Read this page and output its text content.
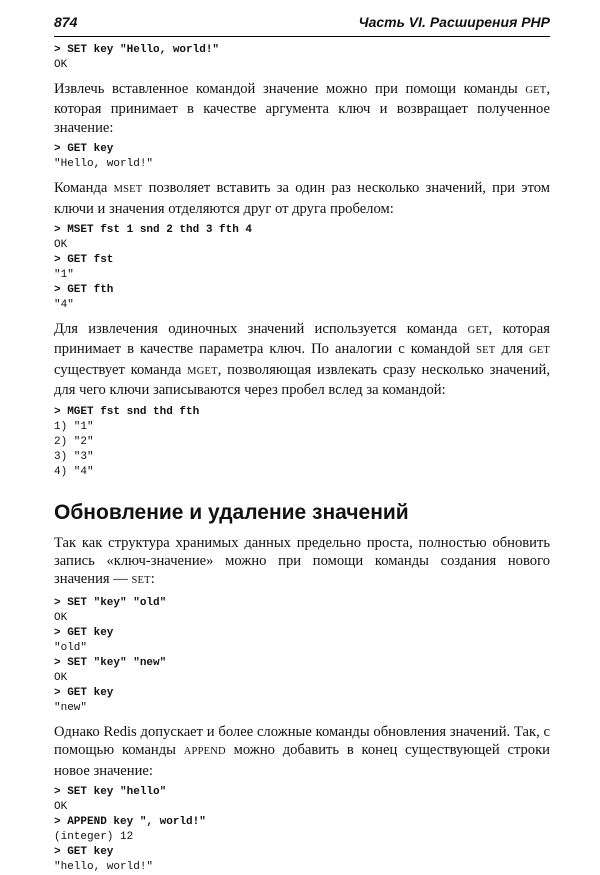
874	Часть VI. Расширения PHP
> SET key "Hello, world!"
OK

Извлечь вставленное командой значение можно при помощи команды GET, которая принимает в качестве аргумента ключ и возвращает полученное значение:

> GET key
"Hello, world!"

Команда MSET позволяет вставить за один раз несколько значений, при этом ключи и значения отделяются друг от друга пробелом:

> MSET fst 1 snd 2 thd 3 fth 4
OK
> GET fst
"1"
> GET fth
"4"

Для извлечения одиночных значений используется команда GET, которая принимает в качестве параметра ключ. По аналогии с командой SET для GET существует команда MGET, позволяющая извлекать сразу несколько значений, для чего ключи записываются через пробел вслед за командой:

> MGET fst snd thd fth
1) "1"
2) "2"
3) "3"
4) "4"
Обновление и удаление значений

Так как структура хранимых данных предельно проста, полностью обновить запись «ключ-значение» можно при помощи команды создания нового значения — SET:

> SET "key" "old"
OK
> GET key
"old"
> SET "key" "new"
OK
> GET key
"new"

Однако Redis допускает и более сложные команды обновления значений. Так, с помощью команды APPEND можно добавить в конец существующей строки новое значение:

> SET key "hello"
OK
> APPEND key ", world!"
(integer) 12
> GET key
"hello, world!"
